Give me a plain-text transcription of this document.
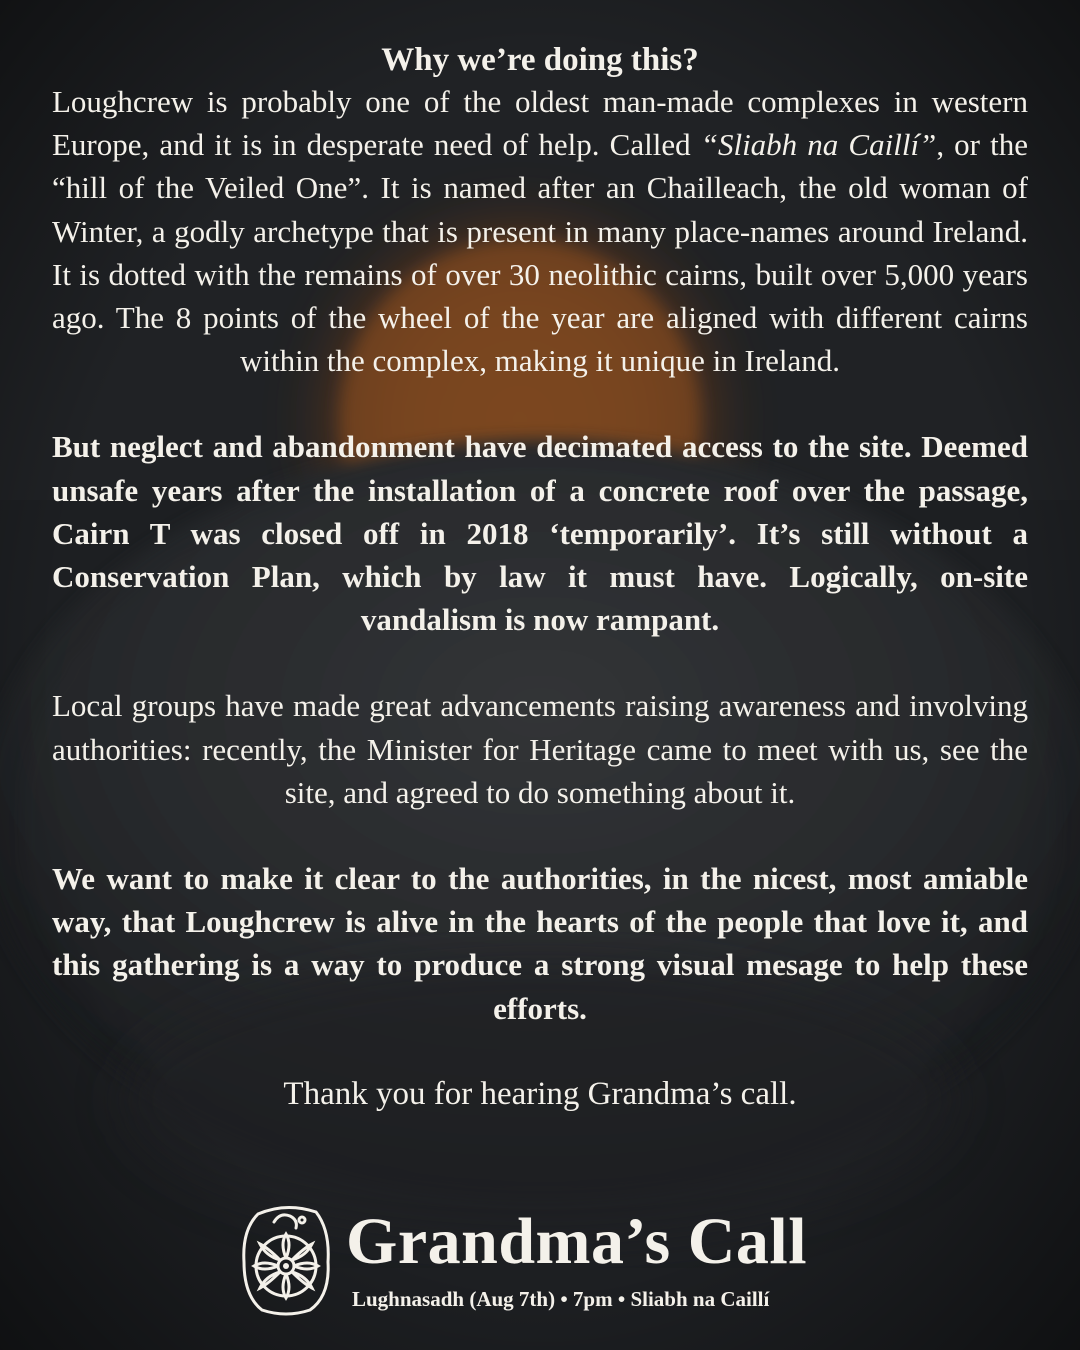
Why we’re doing this?

Loughcrew is probably one of the oldest man-made complexes in western Europe, and it is in desperate need of help. Called “Sliabh na Caillí”, or the “hill of the Veiled One”. It is named after an Chailleach, the old woman of Winter, a godly archetype that is present in many place-names around Ireland. It is dotted with the remains of over 30 neolithic cairns, built over 5,000 years ago. The 8 points of the wheel of the year are aligned with different cairns within the complex, making it unique in Ireland.

But neglect and abandonment have decimated access to the site. Deemed unsafe years after the installation of a concrete roof over the passage, Cairn T was closed off in 2018 ‘temporarily’. It’s still without a Conservation Plan, which by law it must have. Logically, on-site vandalism is now rampant.

Local groups have made great advancements raising awareness and involving authorities: recently, the Minister for Heritage came to meet with us, see the site, and agreed to do something about it.

We want to make it clear to the authorities, in the nicest, most amiable way, that Loughcrew is alive in the hearts of the people that love it, and this gathering is a way to produce a strong visual mesage to help these efforts.

Thank you for hearing Grandma’s call.
Grandma’s Call
Lughnasadh (Aug 7th) • 7pm • Sliabh na Caillí
